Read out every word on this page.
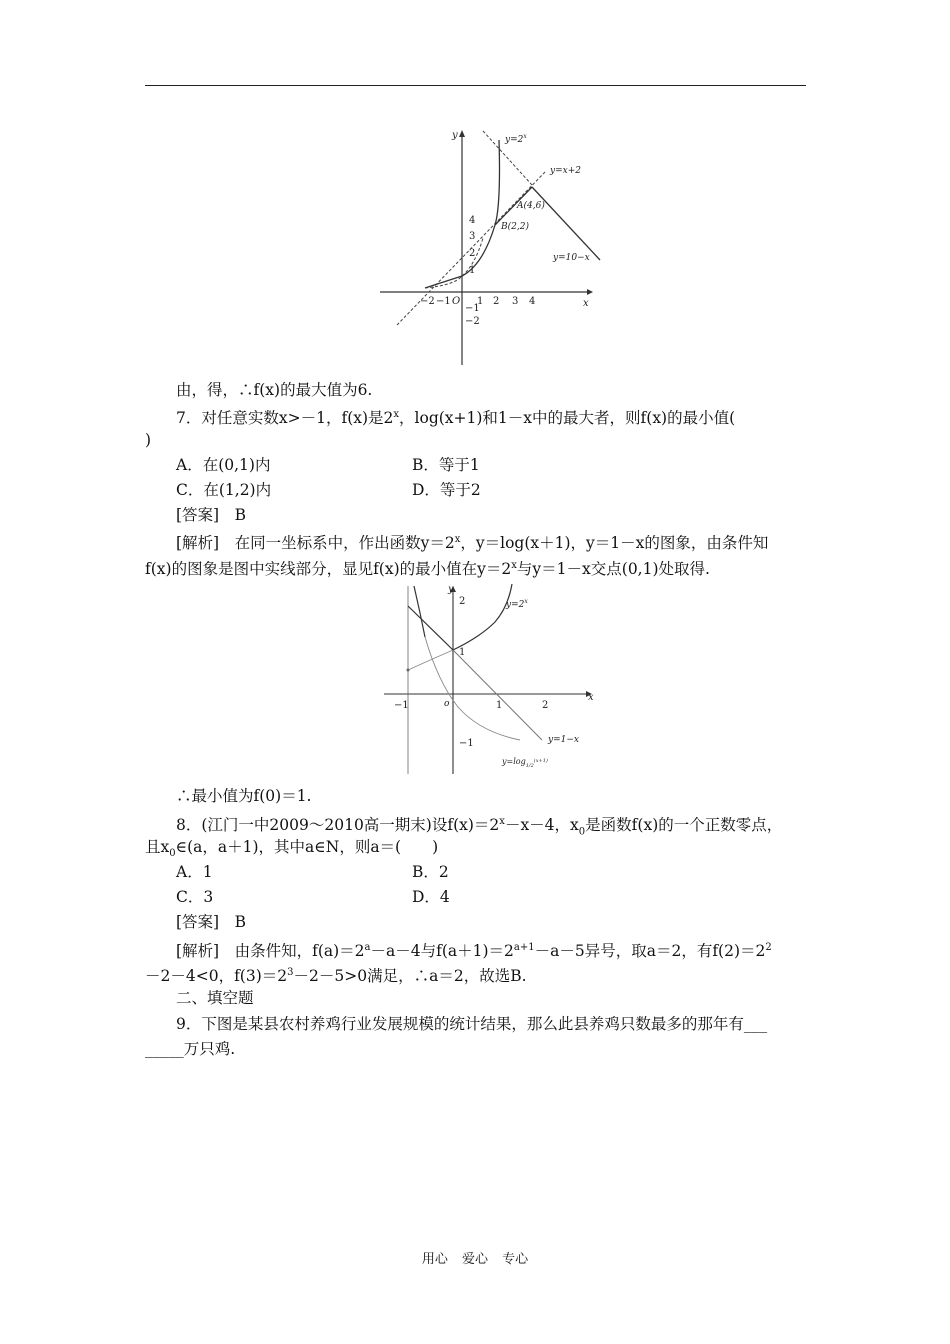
y
x
O
−2 −1	1 2 3 4
1
2
3
4
−1
−2
$y=2^x$
y=x+2
A(4,6)
B(2,2)
y=10−x
由，得，∴f(x)的最大值为6.
7．对任意实数x>－1，f(x)是2$^x$，log(x+1)和1－x中的最大者，则f(x)的最小值(
)
A．在(0,1)内	B．等于1
C．在(1,2)内	D．等于2
[答案]　B
[解析]　在同一坐标系中，作出函数$y=2^x$，y＝log(x＋1)，y＝1－x的图象，由条件知
f(x)的图象是图中实线部分，显见f(x)的最小值在$y=2^x$与y＝1－x交点(0,1)处取得.
y
x
o
−1	1	2
2
1
−1
$y=2^x$
y=1−x
$y=\log_{1/2}^{(x+1)}$
∴最小值为f(0)＝1.
8．(江门一中2009～2010高一期末)设$f(x)=2^x-x-4$，$x_0$是函数f(x)的一个正数零点，
且$x_0\in(a$，a＋1)，其中a∈N，则a＝(　　)
A．1	B．2
C．3	D．4
[答案]　B
[解析]　由条件知，$f(a)=2^a-a-4$与$f(a+1)=2^{a+1}-a-5$异号，取a＝2，有$f(2)=2^2$
－2－4<0，$f(3)=2^3-2-5>0$满足，∴a＝2，故选B.
二、填空题
9．下图是某县农村养鸡行业发展规模的统计结果，那么此县养鸡只数最多的那年有___
_____万只鸡.
用心 爱心 专心
